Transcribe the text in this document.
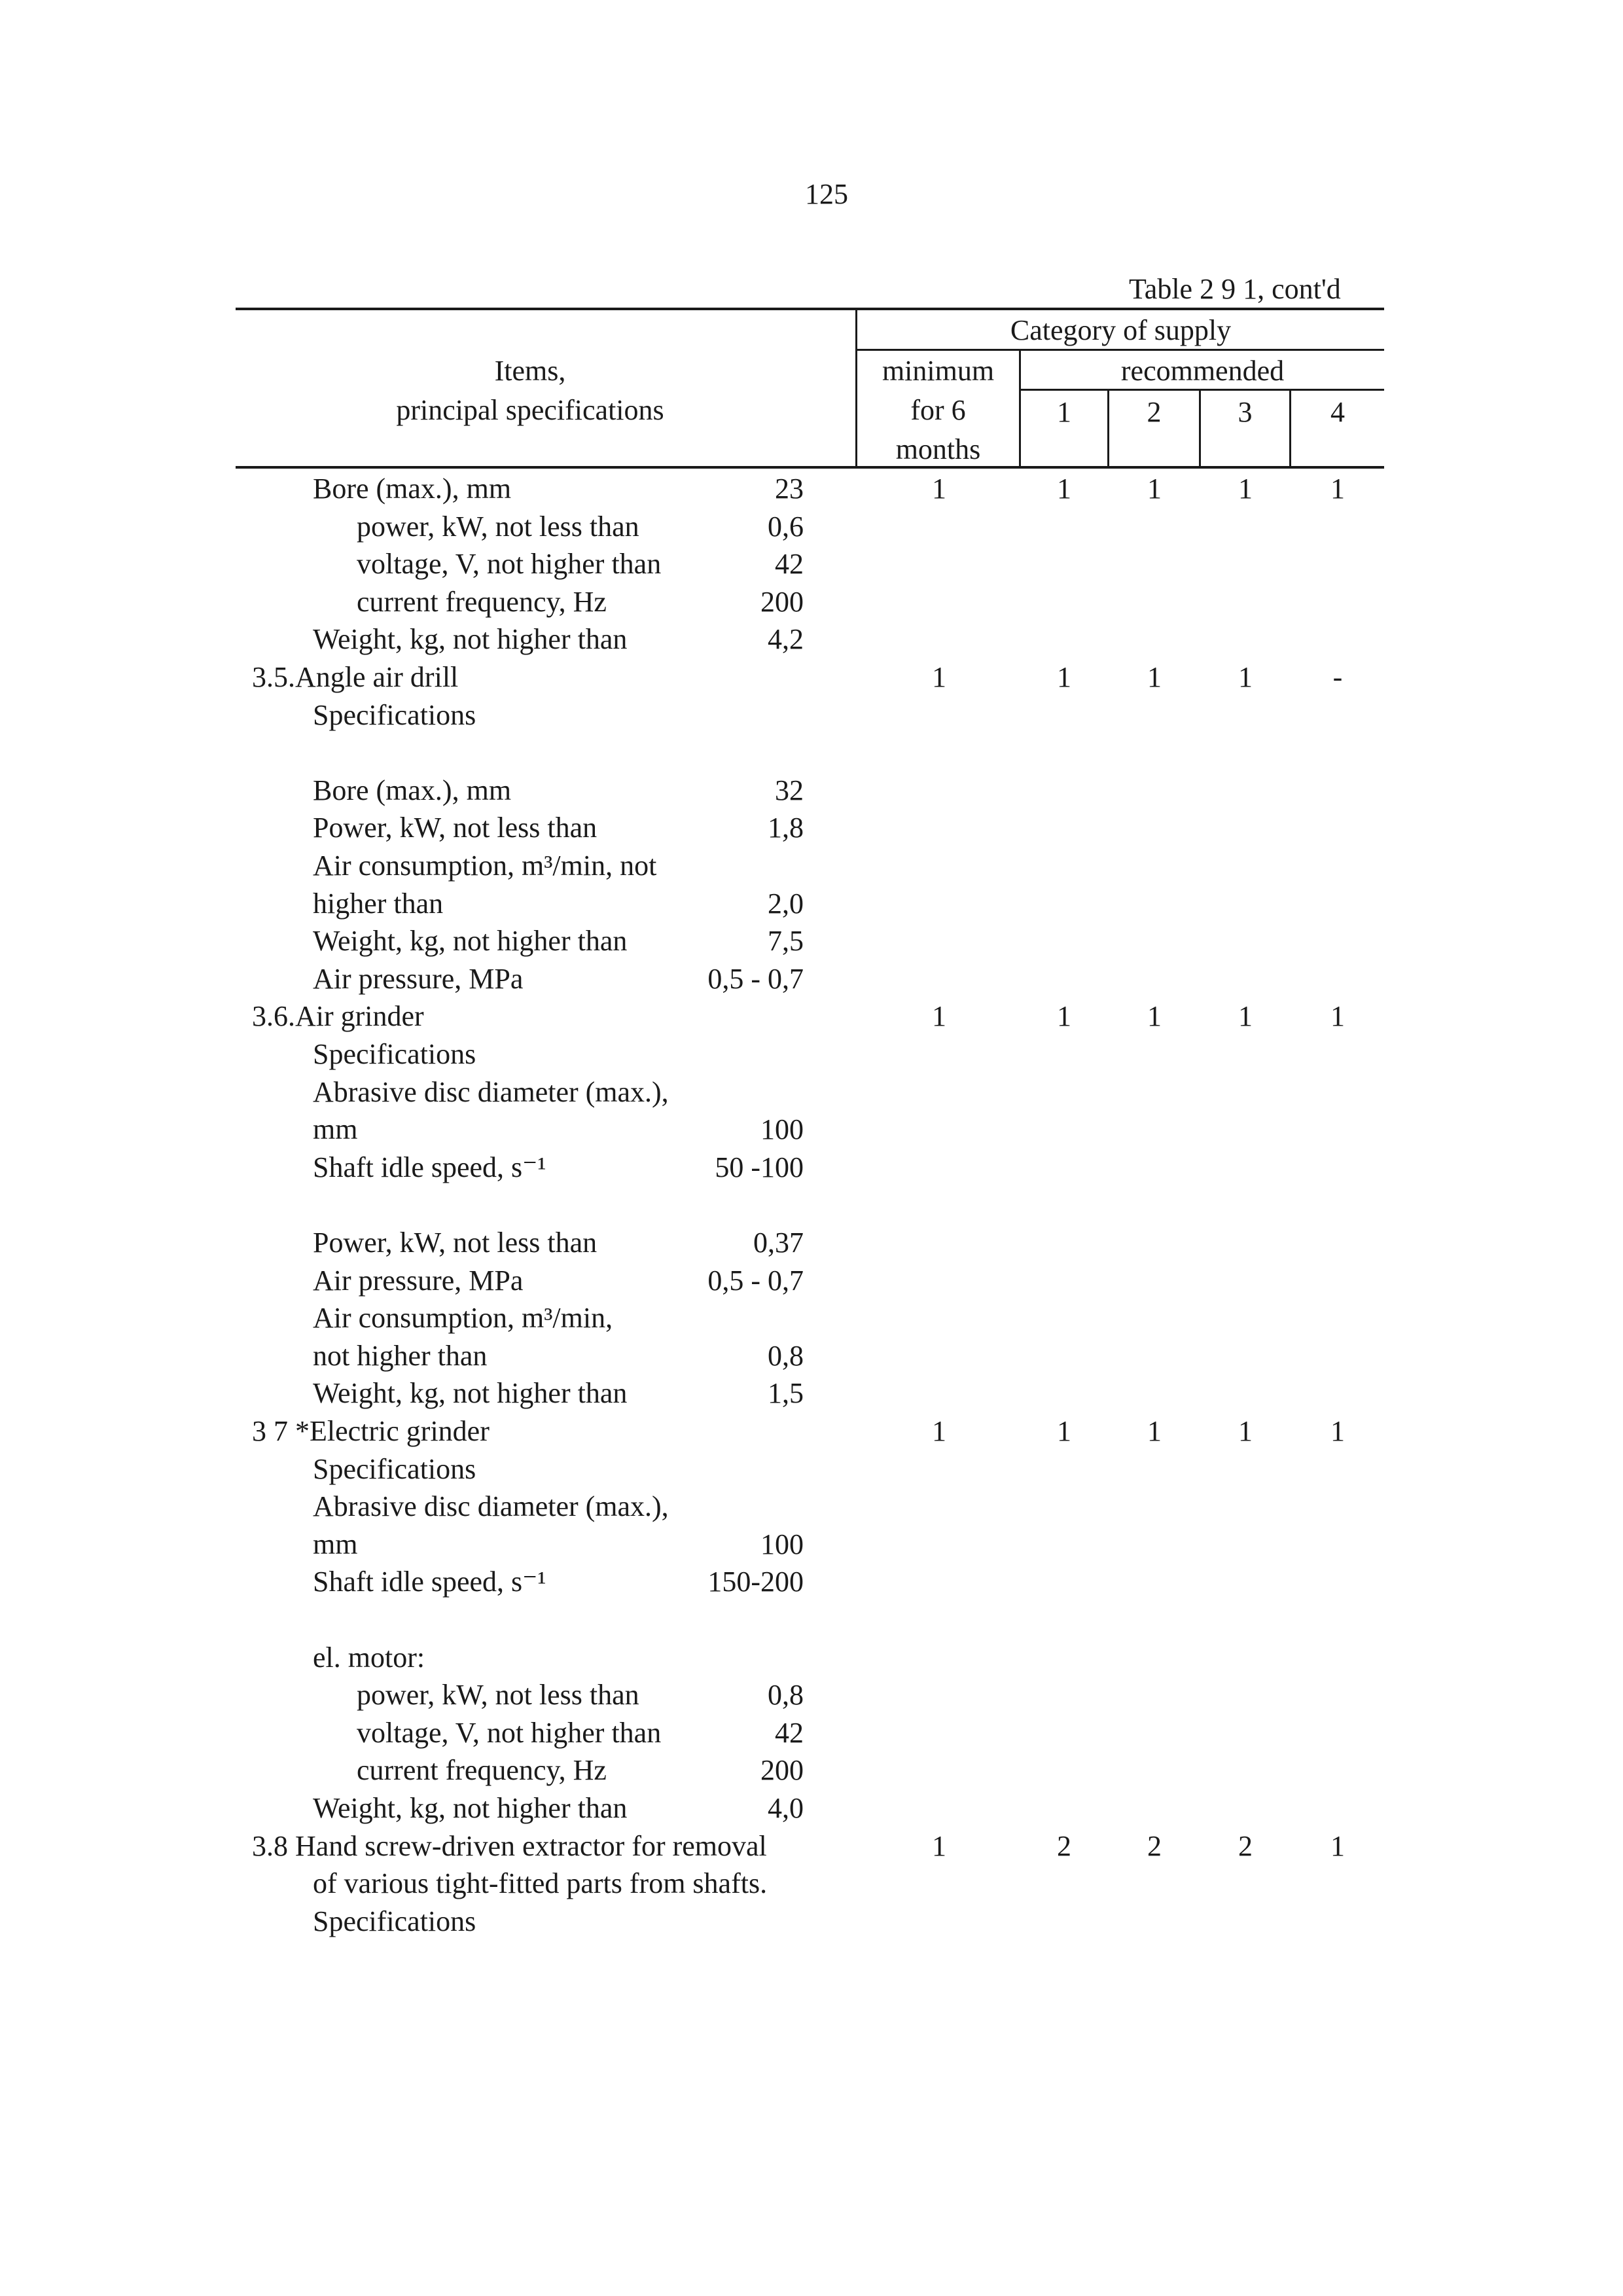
125
Table 2 9 1, cont'd
Items,
principal specifications
Category of supply
minimum
for 6
months
recommended
1	2	3	4
Bore (max.), mm	23	1	1	1	1	1
power, kW, not less than	0,6
voltage, V, not higher than	42
current frequency, Hz	200
Weight, kg, not higher than	4,2
3.5.Angle air drill	1	1	1	1	-
Specifications
Bore (max.), mm	32
Power, kW, not less than	1,8
Air consumption, m³/min, not
higher than	2,0
Weight, kg, not higher than	7,5
Air pressure, MPa	0,5 - 0,7
3.6.Air grinder	1	1	1	1	1
Specifications
Abrasive disc diameter (max.),
mm	100
Shaft idle speed, s⁻¹	50 -100
Power, kW, not less than	0,37
Air pressure, MPa	0,5 - 0,7
Air consumption, m³/min,
not higher than	0,8
Weight, kg, not higher than	1,5
3 7 *Electric grinder	1	1	1	1	1
Specifications
Abrasive disc diameter (max.),
mm	100
Shaft idle speed, s⁻¹	150-200
el. motor:
power, kW, not less than	0,8
voltage, V, not higher than	42
current frequency, Hz	200
Weight, kg, not higher than	4,0
3.8 Hand screw-driven extractor for removal	1	2	2	2	1
of various tight-fitted parts from shafts.
Specifications
